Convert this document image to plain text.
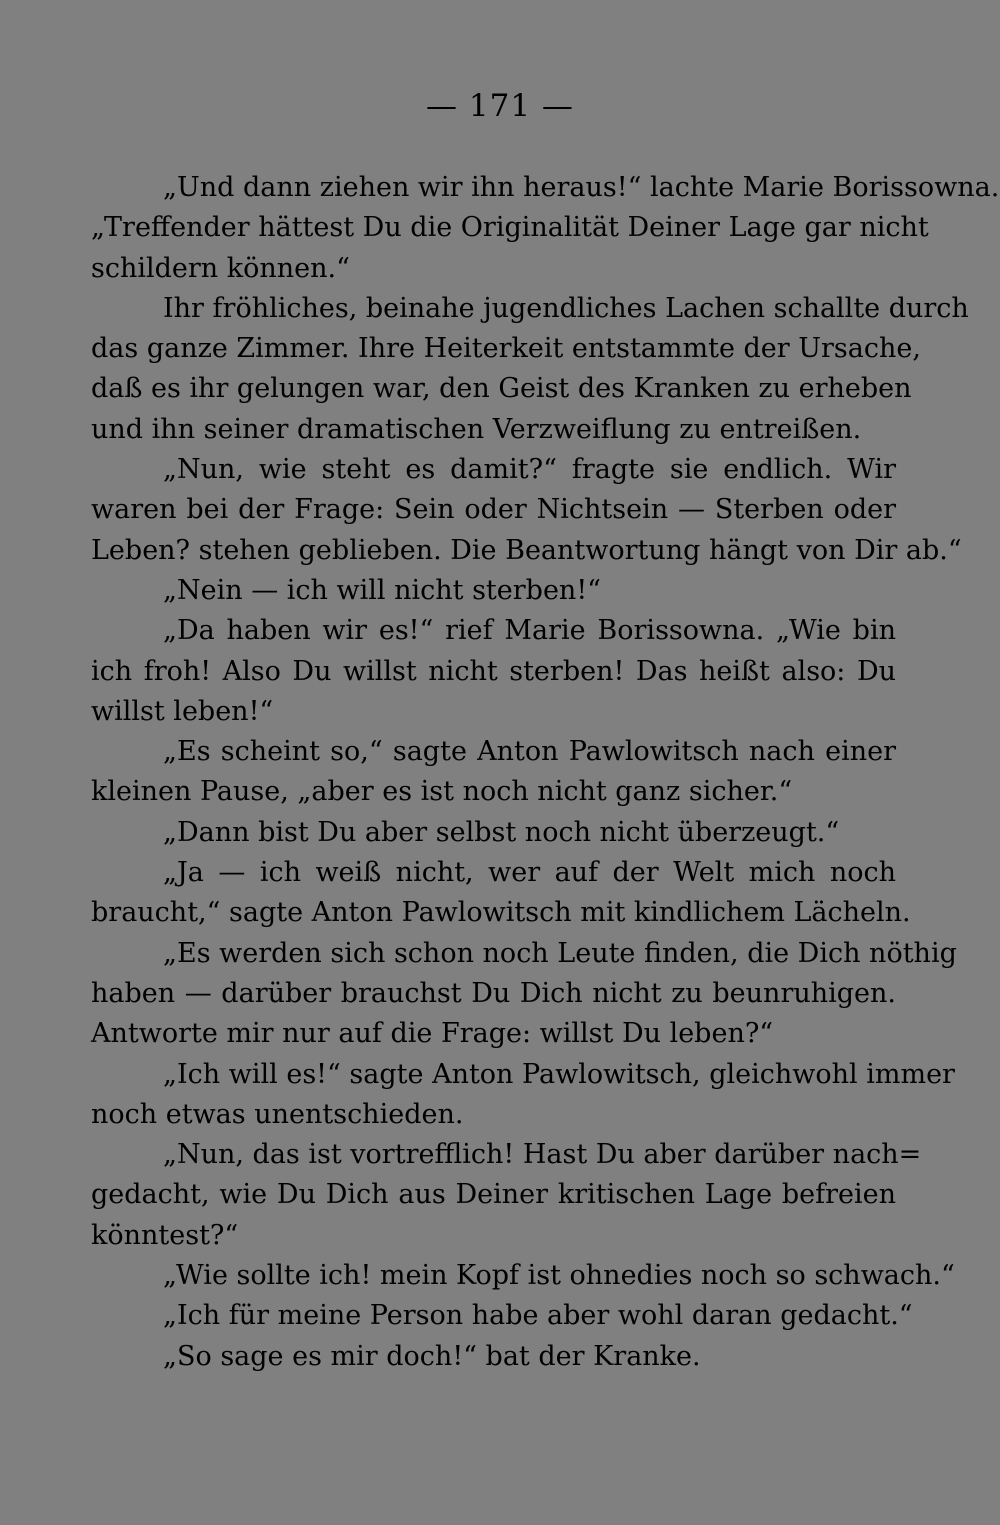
— 171 —
„Und dann ziehen wir ihn heraus!“ lachte Marie Borissowna.
„Treffender hättest Du die Originalität Deiner Lage gar nicht
schildern können.“
Ihr fröhliches, beinahe jugendliches Lachen schallte durch
das ganze Zimmer. Ihre Heiterkeit entstammte der Ursache,
daß es ihr gelungen war, den Geist des Kranken zu erheben
und ihn seiner dramatischen Verzweiflung zu entreißen.
„Nun, wie steht es damit?“ fragte sie endlich. Wir
waren bei der Frage: Sein oder Nichtsein — Sterben oder
Leben? stehen geblieben. Die Beantwortung hängt von Dir ab.“
„Nein — ich will nicht sterben!“
„Da haben wir es!“ rief Marie Borissowna. „Wie bin
ich froh! Also Du willst nicht sterben! Das heißt also: Du
willst leben!“
„Es scheint so,“ sagte Anton Pawlowitsch nach einer
kleinen Pause, „aber es ist noch nicht ganz sicher.“
„Dann bist Du aber selbst noch nicht überzeugt.“
„Ja — ich weiß nicht, wer auf der Welt mich noch
braucht,“ sagte Anton Pawlowitsch mit kindlichem Lächeln.
„Es werden sich schon noch Leute finden, die Dich nöthig
haben — darüber brauchst Du Dich nicht zu beunruhigen.
Antworte mir nur auf die Frage: willst Du leben?“
„Ich will es!“ sagte Anton Pawlowitsch, gleichwohl immer
noch etwas unentschieden.
„Nun, das ist vortrefflich! Hast Du aber darüber nach=
gedacht, wie Du Dich aus Deiner kritischen Lage befreien
könntest?“
„Wie sollte ich! mein Kopf ist ohnedies noch so schwach.“
„Ich für meine Person habe aber wohl daran gedacht.“
„So sage es mir doch!“ bat der Kranke.
